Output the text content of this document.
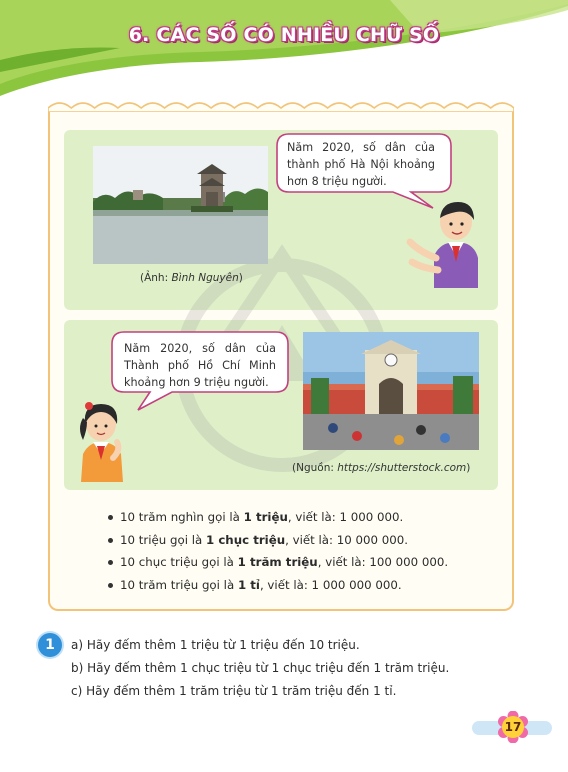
6. CÁC SỐ CÓ NHIỀU CHỮ SỐ
(Ảnh: Bình Nguyên)
(Nguồn: https://shutterstock.com)
Năm 2020, số dân của thành phố Hà Nội khoảng hơn 8 triệu người.
Năm 2020, số dân của Thành phố Hồ Chí Minh khoảng hơn 9 triệu người.
10 trăm nghìn gọi là 1 triệu, viết là: 1 000 000.
10 triệu gọi là 1 chục triệu, viết là: 10 000 000.
10 chục triệu gọi là 1 trăm triệu, viết là: 100 000 000.
10 trăm triệu gọi là 1 tỉ, viết là: 1 000 000 000.
1	a) Hãy đếm thêm 1 triệu từ 1 triệu đến 10 triệu.
b) Hãy đếm thêm 1 chục triệu từ 1 chục triệu đến 1 trăm triệu.
c) Hãy đếm thêm 1 trăm triệu từ 1 trăm triệu đến 1 tỉ.
17
